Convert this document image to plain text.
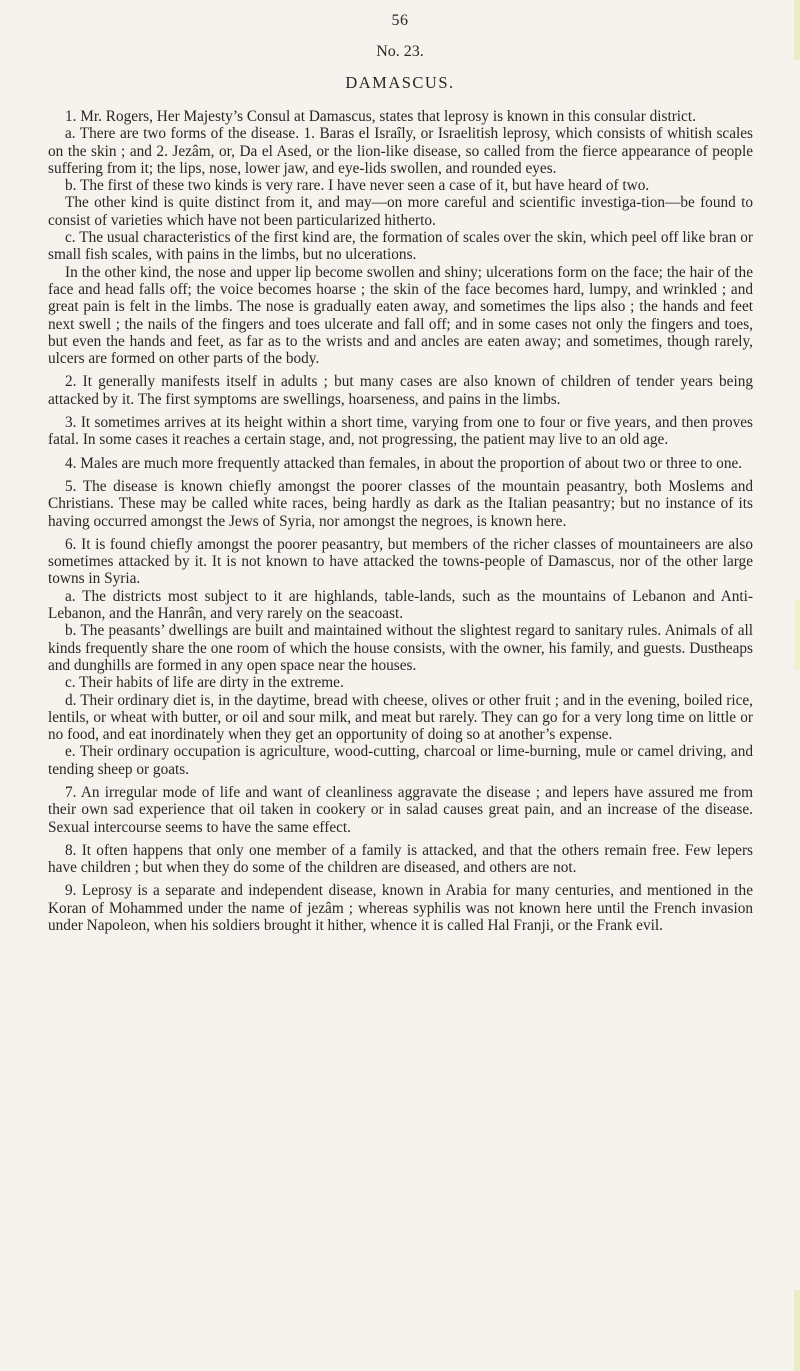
56
No. 23.
DAMASCUS.

1. Mr. Rogers, Her Majesty’s Consul at Damascus, states that leprosy is known in this consular district.

a. There are two forms of the disease. 1. Baras el Israîly, or Israelitish leprosy, which consists of whitish scales on the skin ; and 2. Jezâm, or, Da el Ased, or the lion-like disease, so called from the fierce appearance of people suffering from it; the lips, nose, lower jaw, and eye-lids swollen, and rounded eyes.

b. The first of these two kinds is very rare. I have never seen a case of it, but have heard of two.

The other kind is quite distinct from it, and may—on more careful and scientific investiga-tion—be found to consist of varieties which have not been particularized hitherto.

c. The usual characteristics of the first kind are, the formation of scales over the skin, which peel off like bran or small fish scales, with pains in the limbs, but no ulcerations.

In the other kind, the nose and upper lip become swollen and shiny; ulcerations form on the face; the hair of the face and head falls off; the voice becomes hoarse ; the skin of the face becomes hard, lumpy, and wrinkled ; and great pain is felt in the limbs. The nose is gradually eaten away, and sometimes the lips also ; the hands and feet next swell ; the nails of the fingers and toes ulcerate and fall off; and in some cases not only the fingers and toes, but even the hands and feet, as far as to the wrists and and ancles are eaten away; and sometimes, though rarely, ulcers are formed on other parts of the body.

2. It generally manifests itself in adults ; but many cases are also known of children of tender years being attacked by it. The first symptoms are swellings, hoarseness, and pains in the limbs.

3. It sometimes arrives at its height within a short time, varying from one to four or five years, and then proves fatal. In some cases it reaches a certain stage, and, not progressing, the patient may live to an old age.

4. Males are much more frequently attacked than females, in about the proportion of about two or three to one.

5. The disease is known chiefly amongst the poorer classes of the mountain peasantry, both Moslems and Christians. These may be called white races, being hardly as dark as the Italian peasantry; but no instance of its having occurred amongst the Jews of Syria, nor amongst the negroes, is known here.

6. It is found chiefly amongst the poorer peasantry, but members of the richer classes of mountaineers are also sometimes attacked by it. It is not known to have attacked the towns-people of Damascus, nor of the other large towns in Syria.

a. The districts most subject to it are highlands, table-lands, such as the mountains of Lebanon and Anti-Lebanon, and the Hanrân, and very rarely on the seacoast.

b. The peasants’ dwellings are built and maintained without the slightest regard to sanitary rules. Animals of all kinds frequently share the one room of which the house consists, with the owner, his family, and guests. Dustheaps and dunghills are formed in any open space near the houses.

c. Their habits of life are dirty in the extreme.

d. Their ordinary diet is, in the daytime, bread with cheese, olives or other fruit ; and in the evening, boiled rice, lentils, or wheat with butter, or oil and sour milk, and meat but rarely. They can go for a very long time on little or no food, and eat inordinately when they get an opportunity of doing so at another’s expense.

e. Their ordinary occupation is agriculture, wood-cutting, charcoal or lime-burning, mule or camel driving, and tending sheep or goats.

7. An irregular mode of life and want of cleanliness aggravate the disease ; and lepers have assured me from their own sad experience that oil taken in cookery or in salad causes great pain, and an increase of the disease. Sexual intercourse seems to have the same effect.

8. It often happens that only one member of a family is attacked, and that the others remain free. Few lepers have children ; but when they do some of the children are diseased, and others are not.

9. Leprosy is a separate and independent disease, known in Arabia for many centuries, and mentioned in the Koran of Mohammed under the name of jezâm ; whereas syphilis was not known here until the French invasion under Napoleon, when his soldiers brought it hither, whence it is called Hal Franji, or the Frank evil.
